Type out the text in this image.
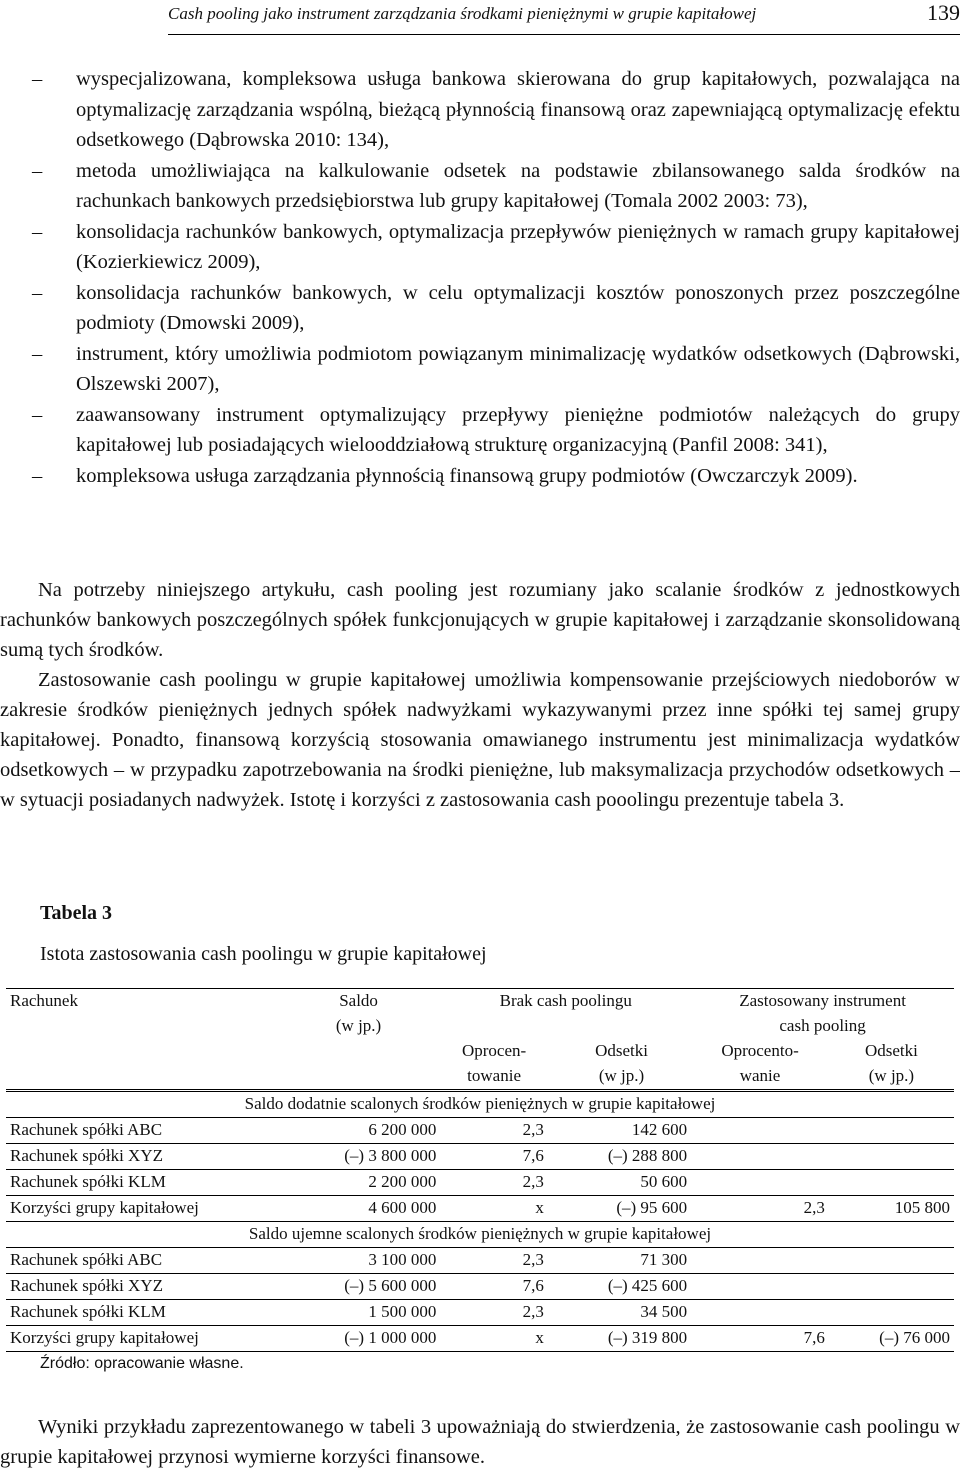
Cash pooling jako instrument zarządzania środkami pieniężnymi w grupie kapitałowej	139

– wyspecjalizowana, kompleksowa usługa bankowa skierowana do grup kapitałowych, pozwalająca na optymalizację zarządzania wspólną, bieżącą płynnością finansową oraz zapewniającą optymalizację efektu odsetkowego (Dąbrowska 2010: 134),

– metoda umożliwiająca na kalkulowanie odsetek na podstawie zbilansowanego salda środków na rachunkach bankowych przedsiębiorstwa lub grupy kapitałowej (Tomala 2002 2003: 73),

– konsolidacja rachunków bankowych, optymalizacja przepływów pieniężnych w ramach grupy kapitałowej (Kozierkiewicz 2009),

– konsolidacja rachunków bankowych, w celu optymalizacji kosztów ponoszonych przez poszczególne podmioty (Dmowski 2009),

– instrument, który umożliwia podmiotom powiązanym minimalizację wydatków odsetkowych (Dąbrowski, Olszewski 2007),

– zaawansowany instrument optymalizujący przepływy pieniężne podmiotów należących do grupy kapitałowej lub posiadających wielooddziałową strukturę organizacyjną (Panfil 2008: 341),

– kompleksowa usługa zarządzania płynnością finansową grupy podmiotów (Owczarczyk 2009).

Na potrzeby niniejszego artykułu, cash pooling jest rozumiany jako scalanie środków z jednostkowych rachunków bankowych poszczególnych spółek funkcjonujących w grupie kapitałowej i zarządzanie skonsolidowaną sumą tych środków.

Zastosowanie cash poolingu w grupie kapitałowej umożliwia kompensowanie przejściowych niedoborów w zakresie środków pieniężnych jednych spółek nadwyżkami wykazywanymi przez inne spółki tej samej grupy kapitałowej. Ponadto, finansową korzyścią stosowania omawianego instrumentu jest minimalizacja wydatków odsetkowych – w przypadku zapotrzebowania na środki pieniężne, lub maksymalizacja przychodów odsetkowych – w sytuacji posiadanych nadwyżek. Istotę i korzyści z zastosowania cash pooolingu prezentuje tabela 3.

Tabela 3
Istota zastosowania cash poolingu w grupie kapitałowej
Rachunek	Saldo	Brak cash poolingu		Zastosowany instrument	
	(w jp.)			cash pooling	
		Oprocen-	Odsetki	Oprocento-	Odsetki
		towanie	(w jp.)	wanie	(w jp.)
Saldo dodatnie scalonych środków pieniężnych w grupie kapitałowej					
Rachunek spółki ABC	6 200 000	2,3	142 600		
Rachunek spółki XYZ	(–) 3 800 000	7,6	(–) 288 800		
Rachunek spółki KLM	2 200 000	2,3	50 600		
Korzyści grupy kapitałowej	4 600 000	x	(–) 95 600	2,3	105 800
Saldo ujemne scalonych środków pieniężnych w grupie kapitałowej					
Rachunek spółki ABC	3 100 000	2,3	71 300		
Rachunek spółki XYZ	(–) 5 600 000	7,6	(–) 425 600		
Rachunek spółki KLM	1 500 000	2,3	34 500		
Korzyści grupy kapitałowej	(–) 1 000 000	x	(–) 319 800	7,6	(–) 76 000
Źródło: opracowanie własne.

Wyniki przykładu zaprezentowanego w tabeli 3 upoważniają do stwierdzenia, że zastosowanie cash poolingu w grupie kapitałowej przynosi wymierne korzyści finansowe.
